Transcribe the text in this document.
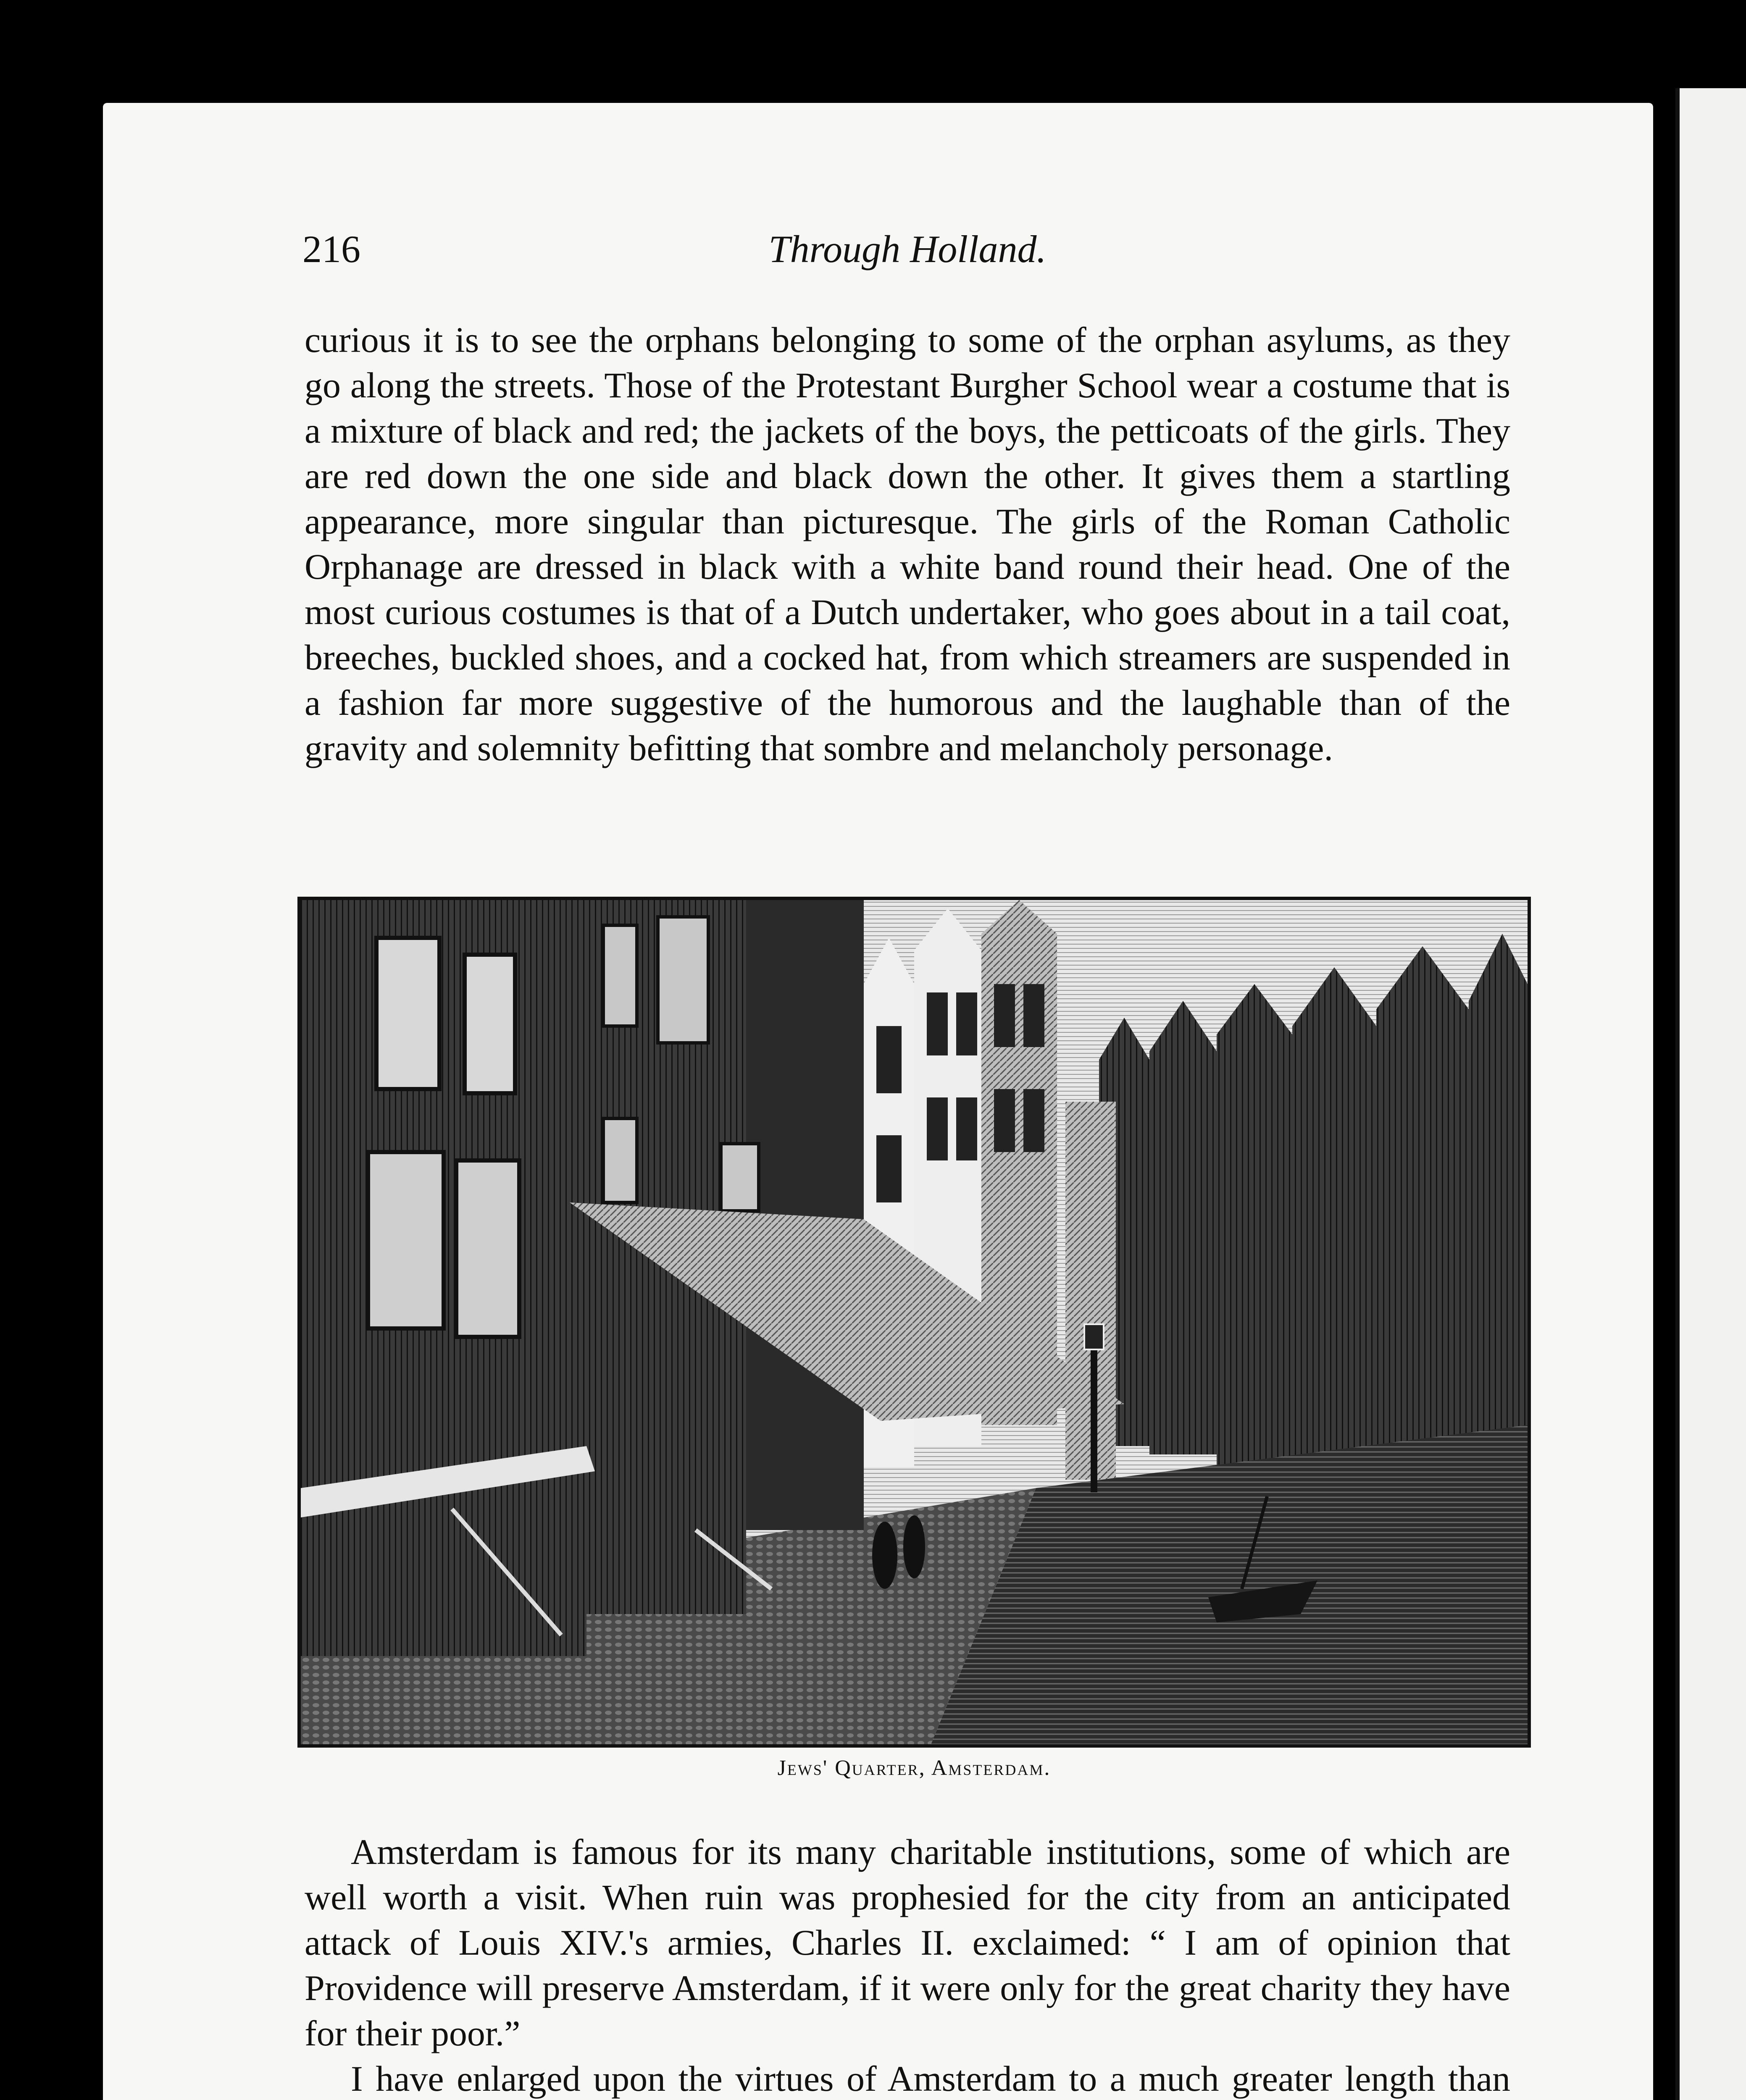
216	Through Holland.

curious it is to see the orphans belonging to some of the orphan asylums, as they go along the streets. Those of the Protestant Burgher School wear a costume that is a mixture of black and red; the jackets of the boys, the petticoats of the girls. They are red down the one side and black down the other. It gives them a startling appearance, more singular than picturesque. The girls of the Roman Catholic Orphanage are dressed in black with a white band round their head. One of the most curious costumes is that of a Dutch undertaker, who goes about in a tail coat, breeches, buckled shoes, and a cocked hat, from which streamers are suspended in a fashion far more suggestive of the humorous and the laughable than of the gravity and solemnity befitting that sombre and melancholy personage.

Jews' Quarter, Amsterdam.

Amsterdam is famous for its many charitable institutions, some of which are well worth a visit. When ruin was prophesied for the city from an anticipated attack of Louis XIV.'s armies, Charles II. exclaimed: “ I am of opinion that Providence will preserve Amsterdam, if it were only for the great charity they have for their poor.”

I have enlarged upon the virtues of Amsterdam to a much greater length than
